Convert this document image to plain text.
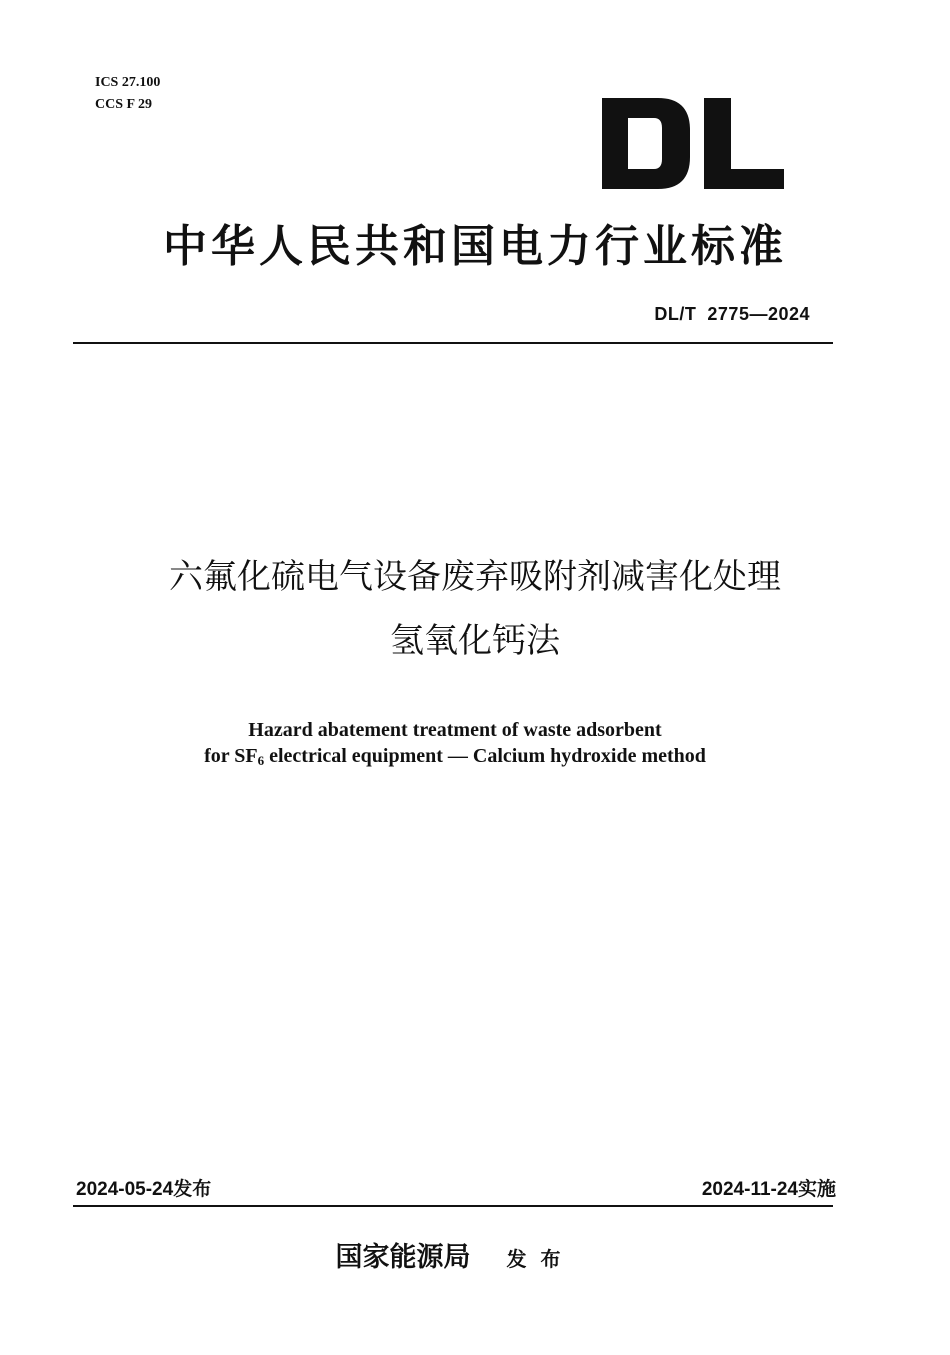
ICS 27.100
CCS F 29
中华人民共和国电力行业标准
DL/T  2775—2024
六氟化硫电气设备废弃吸附剂减害化处理
氢氧化钙法
Hazard abatement treatment of waste adsorbent
for $SF_6$ electrical equipment — Calcium hydroxide method
2024-05-24发布	2024-11-24实施
国家能源局 发布
